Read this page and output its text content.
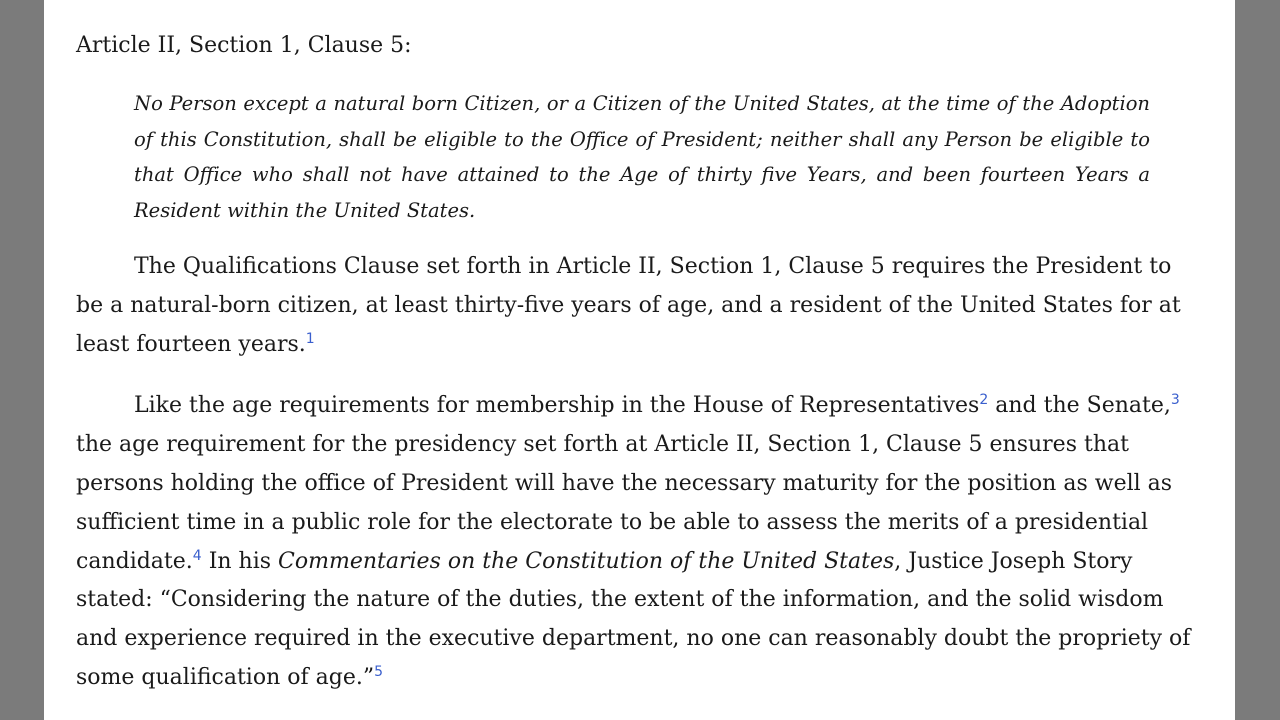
Article II, Section 1, Clause 5:

No Person except a natural born Citizen, or a Citizen of the United States, at the time of the Adoption of this Constitution, shall be eligible to the Office of President; neither shall any Person be eligible to that Office who shall not have attained to the Age of thirty five Years, and been fourteen Years a Resident within the United States.

The Qualifications Clause set forth in Article II, Section 1, Clause 5 requires the President to be a natural-born citizen, at least thirty-five years of age, and a resident of the United States for at least fourteen years.$^1$

Like the age requirements for membership in the House of Representatives$^2$ and the Senate,$^3$ the age requirement for the presidency set forth at Article II, Section 1, Clause 5 ensures that persons holding the office of President will have the necessary maturity for the position as well as sufficient time in a public role for the electorate to be able to assess the merits of a presidential candidate.$^4$ In his Commentaries on the Constitution of the United States, Justice Joseph Story stated: “Considering the nature of the duties, the extent of the information, and the solid wisdom and experience required in the executive department, no one can reasonably doubt the propriety of some qualification of age.”$^5$
